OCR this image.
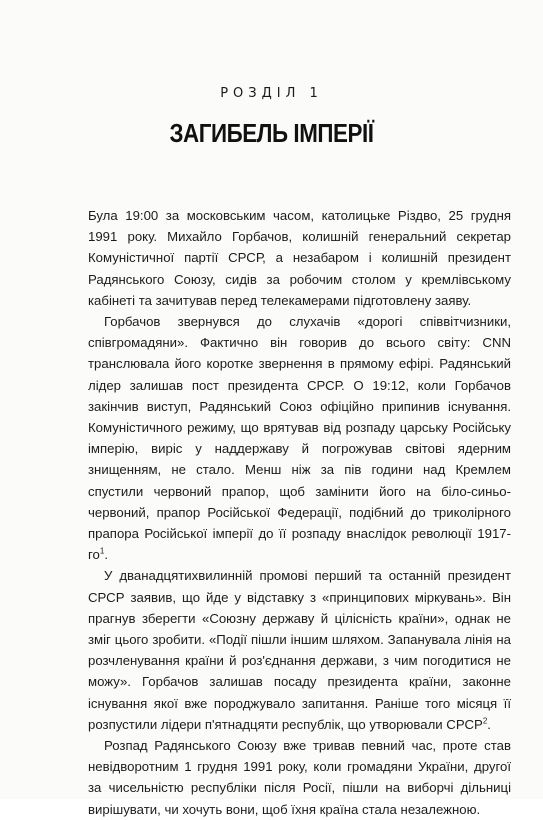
РОЗДІЛ 1
ЗАГИБЕЛЬ ІМПЕРІЇ

Була 19:00 за московським часом, католицьке Різдво, 25 грудня 1991 року. Михайло Горбачов, колишній генеральний секретар Комуністичної партії СРСР, а незабаром і колишній президент Радянського Союзу, сидів за робочим столом у кремлівському кабінеті та зачитував перед телекамерами підготовлену заяву.

Горбачов звернувся до слухачів «дорогі співвітчизники, співгромадяни». Фактично він говорив до всього світу: CNN транслювала його коротке звернення в прямому ефірі. Радянський лідер залишав пост президента СРСР. О 19:12, коли Горбачов закінчив виступ, Радянський Союз офіційно припинив існування. Комуністичного режиму, що врятував від розпаду царську Російську імперію, виріс у наддержаву й погрожував світові ядерним знищенням, не стало. Менш ніж за пів години над Кремлем спустили червоний прапор, щоб замінити його на біло-синьо-червоний, прапор Російської Федерації, подібний до триколірного прапора Російської імперії до її розпаду внаслідок революції $1917-го^1$.

У дванадцятихвилинній промові перший та останній президент СРСР заявив, що йде у відставку з «принципових міркувань». Він прагнув зберегти «Союзну державу й цілісність країни», однак не зміг цього зробити. «Події пішли іншим шляхом. Запанувала лінія на розчленування країни й роз'єднання держави, з чим погодитися не можу». Горбачов залишав посаду президента країни, законне існування якої вже породжувало запитання. Раніше того місяця її розпустили лідери п'ятнадцяти республік, що утворювали СРСР$^2$.

Розпад Радянського Союзу вже тривав певний час, проте став невідворотним 1 грудня 1991 року, коли громадяни України, другої за чисельністю республіки після Росії, пішли на виборчі дільниці вирішувати, чи хочуть вони, щоб їхня країна стала незалежною.
